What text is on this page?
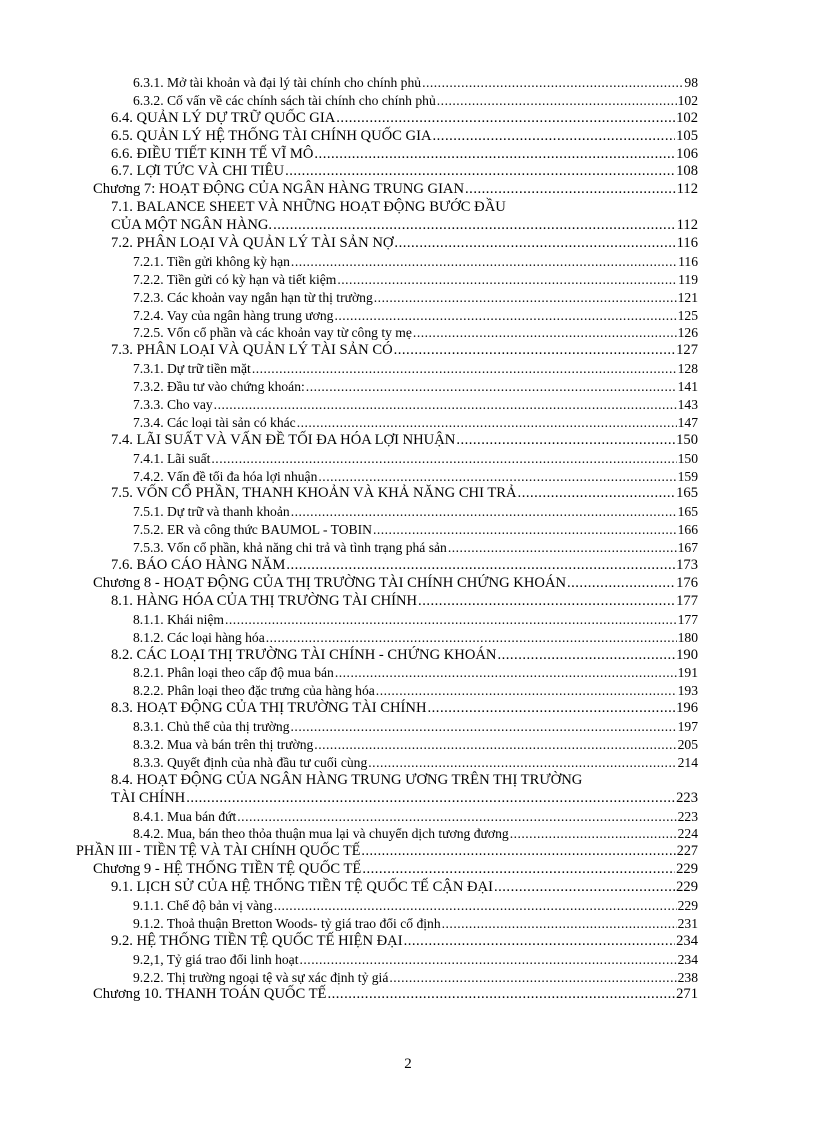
6.3.1. Mở tài khoản và đại lý tài chính cho chính phủ .....	98
6.3.2. Cố vấn về các chính sách tài chính cho chính phủ .....	102
6.4. QUẢN LÝ DỰ TRỮ QUỐC GIA .....	102
6.5. QUẢN LÝ HỆ THỐNG TÀI CHÍNH QUỐC GIA .....	105
6.6. ĐIỀU TIẾT KINH TẾ VĨ MÔ .....	106
6.7. LỢI TỨC VÀ CHI TIÊU .....	108
Chương 7: HOẠT ĐỘNG CỦA NGÂN HÀNG TRUNG GIAN .....	112
7.1. BALANCE SHEET VÀ NHỮNG HOẠT ĐỘNG BƯỚC ĐẦU
CỦA MỘT NGÂN HÀNG. .....	112
7.2. PHÂN LOẠI VÀ QUẢN LÝ TÀI SẢN NỢ .....	116
7.2.1. Tiền gửi không kỳ hạn .....	116
7.2.2. Tiền gửi có kỳ hạn và tiết kiệm .....	119
7.2.3. Các khoản vay ngắn hạn từ thị trường .....	121
7.2.4. Vay của ngân hàng trung ương .....	125
7.2.5. Vốn cổ phần và các khoản vay từ công ty mẹ .....	126
7.3. PHÂN LOẠI VÀ QUẢN LÝ TÀI SẢN CÓ .....	127
7.3.1. Dự trữ tiền mặt .....	128
7.3.2. Đầu tư vào chứng khoán: .....	141
7.3.3. Cho vay .....	143
7.3.4. Các loại tài sản có khác .....	147
7.4. LÃI SUẤT VÀ VẤN ĐỀ TỐI ĐA HÓA LỢI NHUẬN .....	150
7.4.1. Lãi suất .....	150
7.4.2. Vấn đề tối đa hóa lợi nhuận .....	159
7.5. VỐN CỔ PHẦN, THANH KHOẢN VÀ KHẢ NĂNG CHI TRẢ .....	165
7.5.1. Dự trữ và thanh khoản .....	165
7.5.2. ER và công thức BAUMOL - TOBIN .....	166
7.5.3. Vốn cổ phần, khả năng chi trả và tình trạng phá sản .....	167
7.6. BÁO CÁO HÀNG NĂM .....	173
Chương 8 - HOẠT ĐỘNG CỦA THỊ TRƯỜNG TÀI CHÍNH CHỨNG KHOÁN .....	176
8.1. HÀNG HÓA CỦA THỊ TRƯỜNG TÀI CHÍNH .....	177
8.1.1. Khái niệm .....	177
8.1.2. Các loại hàng hóa .....	180
8.2. CÁC LOẠI THỊ TRƯỜNG TÀI CHÍNH - CHỨNG KHOÁN .....	190
8.2.1. Phân loại theo cấp độ mua bán .....	191
8.2.2. Phân loại theo đặc trưng của hàng hóa .....	193
8.3. HOẠT ĐỘNG CỦA THỊ TRƯỜNG TÀI CHÍNH .....	196
8.3.1. Chủ thể của thị trường .....	197
8.3.2. Mua và bán trên thị trường .....	205
8.3.3. Quyết định của nhà đầu tư cuối cùng .....	214
8.4. HOẠT ĐỘNG CỦA NGÂN HÀNG TRUNG ƯƠNG TRÊN THỊ TRƯỜNG
TÀI CHÍNH .....	223
8.4.1. Mua bán đứt .....	223
8.4.2. Mua, bán theo thỏa thuận mua lại và chuyển dịch tương đương .....	224
PHẦN III - TIỀN TỆ VÀ TÀI CHÍNH QUỐC TẾ .....	227
Chương 9 - HỆ THỐNG TIỀN TỆ QUỐC TẾ .....	229
9.1. LỊCH SỬ CỦA HỆ THỐNG TIỀN TỆ QUỐC TẾ CẬN ĐẠI .....	229
9.1.1. Chế độ bản vị vàng .....	229
9.1.2. Thoả thuận Bretton Woods- tỷ giá trao đổi cố định .....	231
9.2. HỆ THỐNG TIỀN TỆ QUỐC TẾ HIỆN ĐẠI .....	234
9.2,1, Tỷ giá trao đổi linh hoạt .....	234
9.2.2. Thị trường ngoại tệ và sự xác định tỷ giá .....	238
Chương 10. THANH TOÁN QUỐC TẾ .....	271
2
